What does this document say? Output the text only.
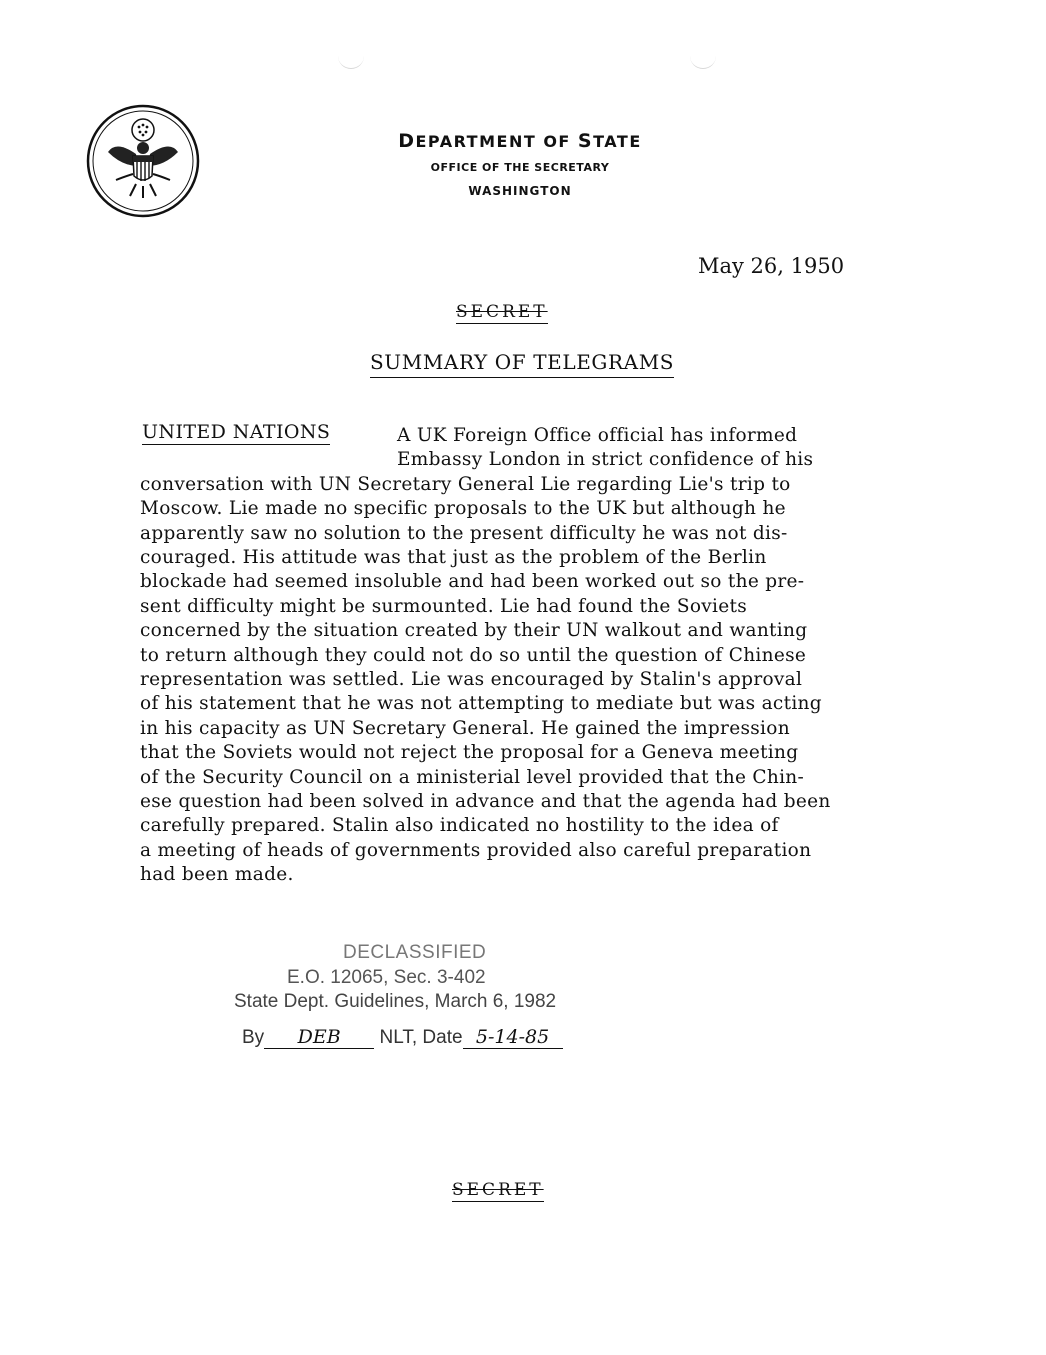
DEPARTMENT OF STATE
OFFICE OF THE SECRETARY
WASHINGTON
May 26, 1950
SECRET
SUMMARY OF TELEGRAMS
UNITED NATIONS	A UK Foreign Office official has informed
Embassy London in strict confidence of his
conversation with UN Secretary General Lie regarding Lie's trip to
Moscow. Lie made no specific proposals to the UK but although he
apparently saw no solution to the present difficulty he was not dis-
couraged. His attitude was that just as the problem of the Berlin
blockade had seemed insoluble and had been worked out so the pre-
sent difficulty might be surmounted. Lie had found the Soviets
concerned by the situation created by their UN walkout and wanting
to return although they could not do so until the question of Chinese
representation was settled. Lie was encouraged by Stalin's approval
of his statement that he was not attempting to mediate but was acting
in his capacity as UN Secretary General. He gained the impression
that the Soviets would not reject the proposal for a Geneva meeting
of the Security Council on a ministerial level provided that the Chin-
ese question had been solved in advance and that the agenda had been
carefully prepared. Stalin also indicated no hostility to the idea of
a meeting of heads of governments provided also careful preparation
had been made.
DECLASSIFIED
E.O. 12065, Sec. 3-402
State Dept. Guidelines, March 6, 1982
By DEB NLT, Date 5-14-85
SECRET
